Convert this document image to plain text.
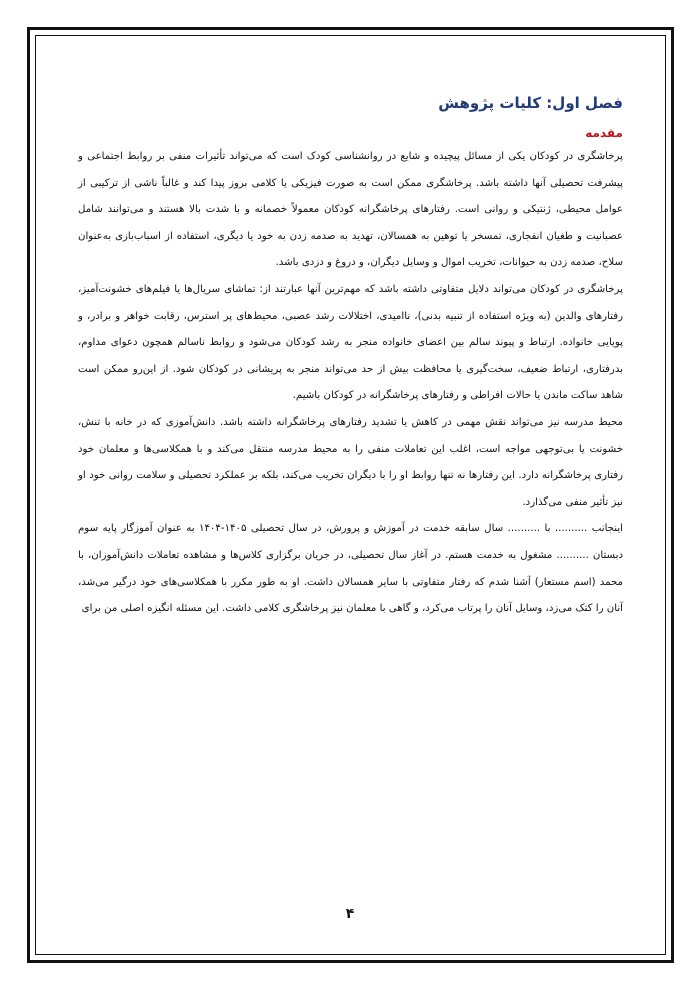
فصل اول: کلیات پژوهش
مقدمه

پرخاشگری در کودکان یکی از مسائل پیچیده و شایع در روانشناسی کودک است که می‌تواند تأثیرات منفی بر روابط اجتماعی و پیشرفت تحصیلی آنها داشته باشد. پرخاشگری ممکن است به صورت فیزیکی یا کلامی بروز پیدا کند و غالباً ناشی از ترکیبی از عوامل محیطی، ژنتیکی و روانی است. رفتارهای پرخاشگرانه کودکان معمولاً خصمانه و با شدت بالا هستند و می‌توانند شامل عصبانیت و طغیان انفجاری، تمسخر یا توهین به همسالان، تهدید به صدمه زدن به خود یا دیگری، استفاده از اسباب‌بازی به‌عنوان سلاح، صدمه زدن به حیوانات، تخریب اموال و وسایل دیگران، و دروغ و دزدی باشد.

پرخاشگری در کودکان می‌تواند دلایل متفاوتی داشته باشد که مهم‌ترین آنها عبارتند از: تماشای سریال‌ها یا فیلم‌های خشونت‌آمیز، رفتارهای والدین (به ویژه استفاده از تنبیه بدنی)، ناامیدی، اختلالات رشد عصبی، محیط‌های پر استرس، رقابت خواهر و برادر، و پویایی خانواده. ارتباط و پیوند سالم بین اعضای خانواده منجر به رشد کودکان می‌شود و روابط ناسالم همچون دعوای مداوم، بدرفتاری، ارتباط ضعیف، سخت‌گیری یا محافظت بیش از حد می‌تواند منجر به پریشانی در کودکان شود. از این‌رو ممکن است شاهد ساکت ماندن یا حالات افراطی و رفتارهای پرخاشگرانه در کودکان باشیم.

محیط مدرسه نیز می‌تواند نقش مهمی در کاهش یا تشدید رفتارهای پرخاشگرانه داشته باشد. دانش‌آموزی که در خانه با تنش، خشونت یا بی‌توجهی مواجه است، اغلب این تعاملات منفی را به محیط مدرسه منتقل می‌کند و با همکلاسی‌ها و معلمان خود رفتاری پرخاشگرانه دارد. این رفتارها نه تنها روابط او را با دیگران تخریب می‌کند، بلکه بر عملکرد تحصیلی و سلامت روانی خود او نیز تأثیر منفی می‌گذارد.

اینجانب .......... با .......... سال سابقه خدمت در آموزش و پرورش، در سال تحصیلی ۱۴۰۵-۱۴۰۴ به عنوان آموزگار پایه سوم دبستان .......... مشغول به خدمت هستم. در آغاز سال تحصیلی، در جریان برگزاری کلاس‌ها و مشاهده تعاملات دانش‌آموزان، با محمد (اسم مستعار) آشنا شدم که رفتار متفاوتی با سایر همسالان داشت. او به طور مکرر با همکلاسی‌های خود درگیر می‌شد، آنان را کتک می‌زد، وسایل آنان را پرتاب می‌کرد، و گاهی با معلمان نیز پرخاشگری کلامی داشت. این مسئله انگیزه اصلی من برای

۴
